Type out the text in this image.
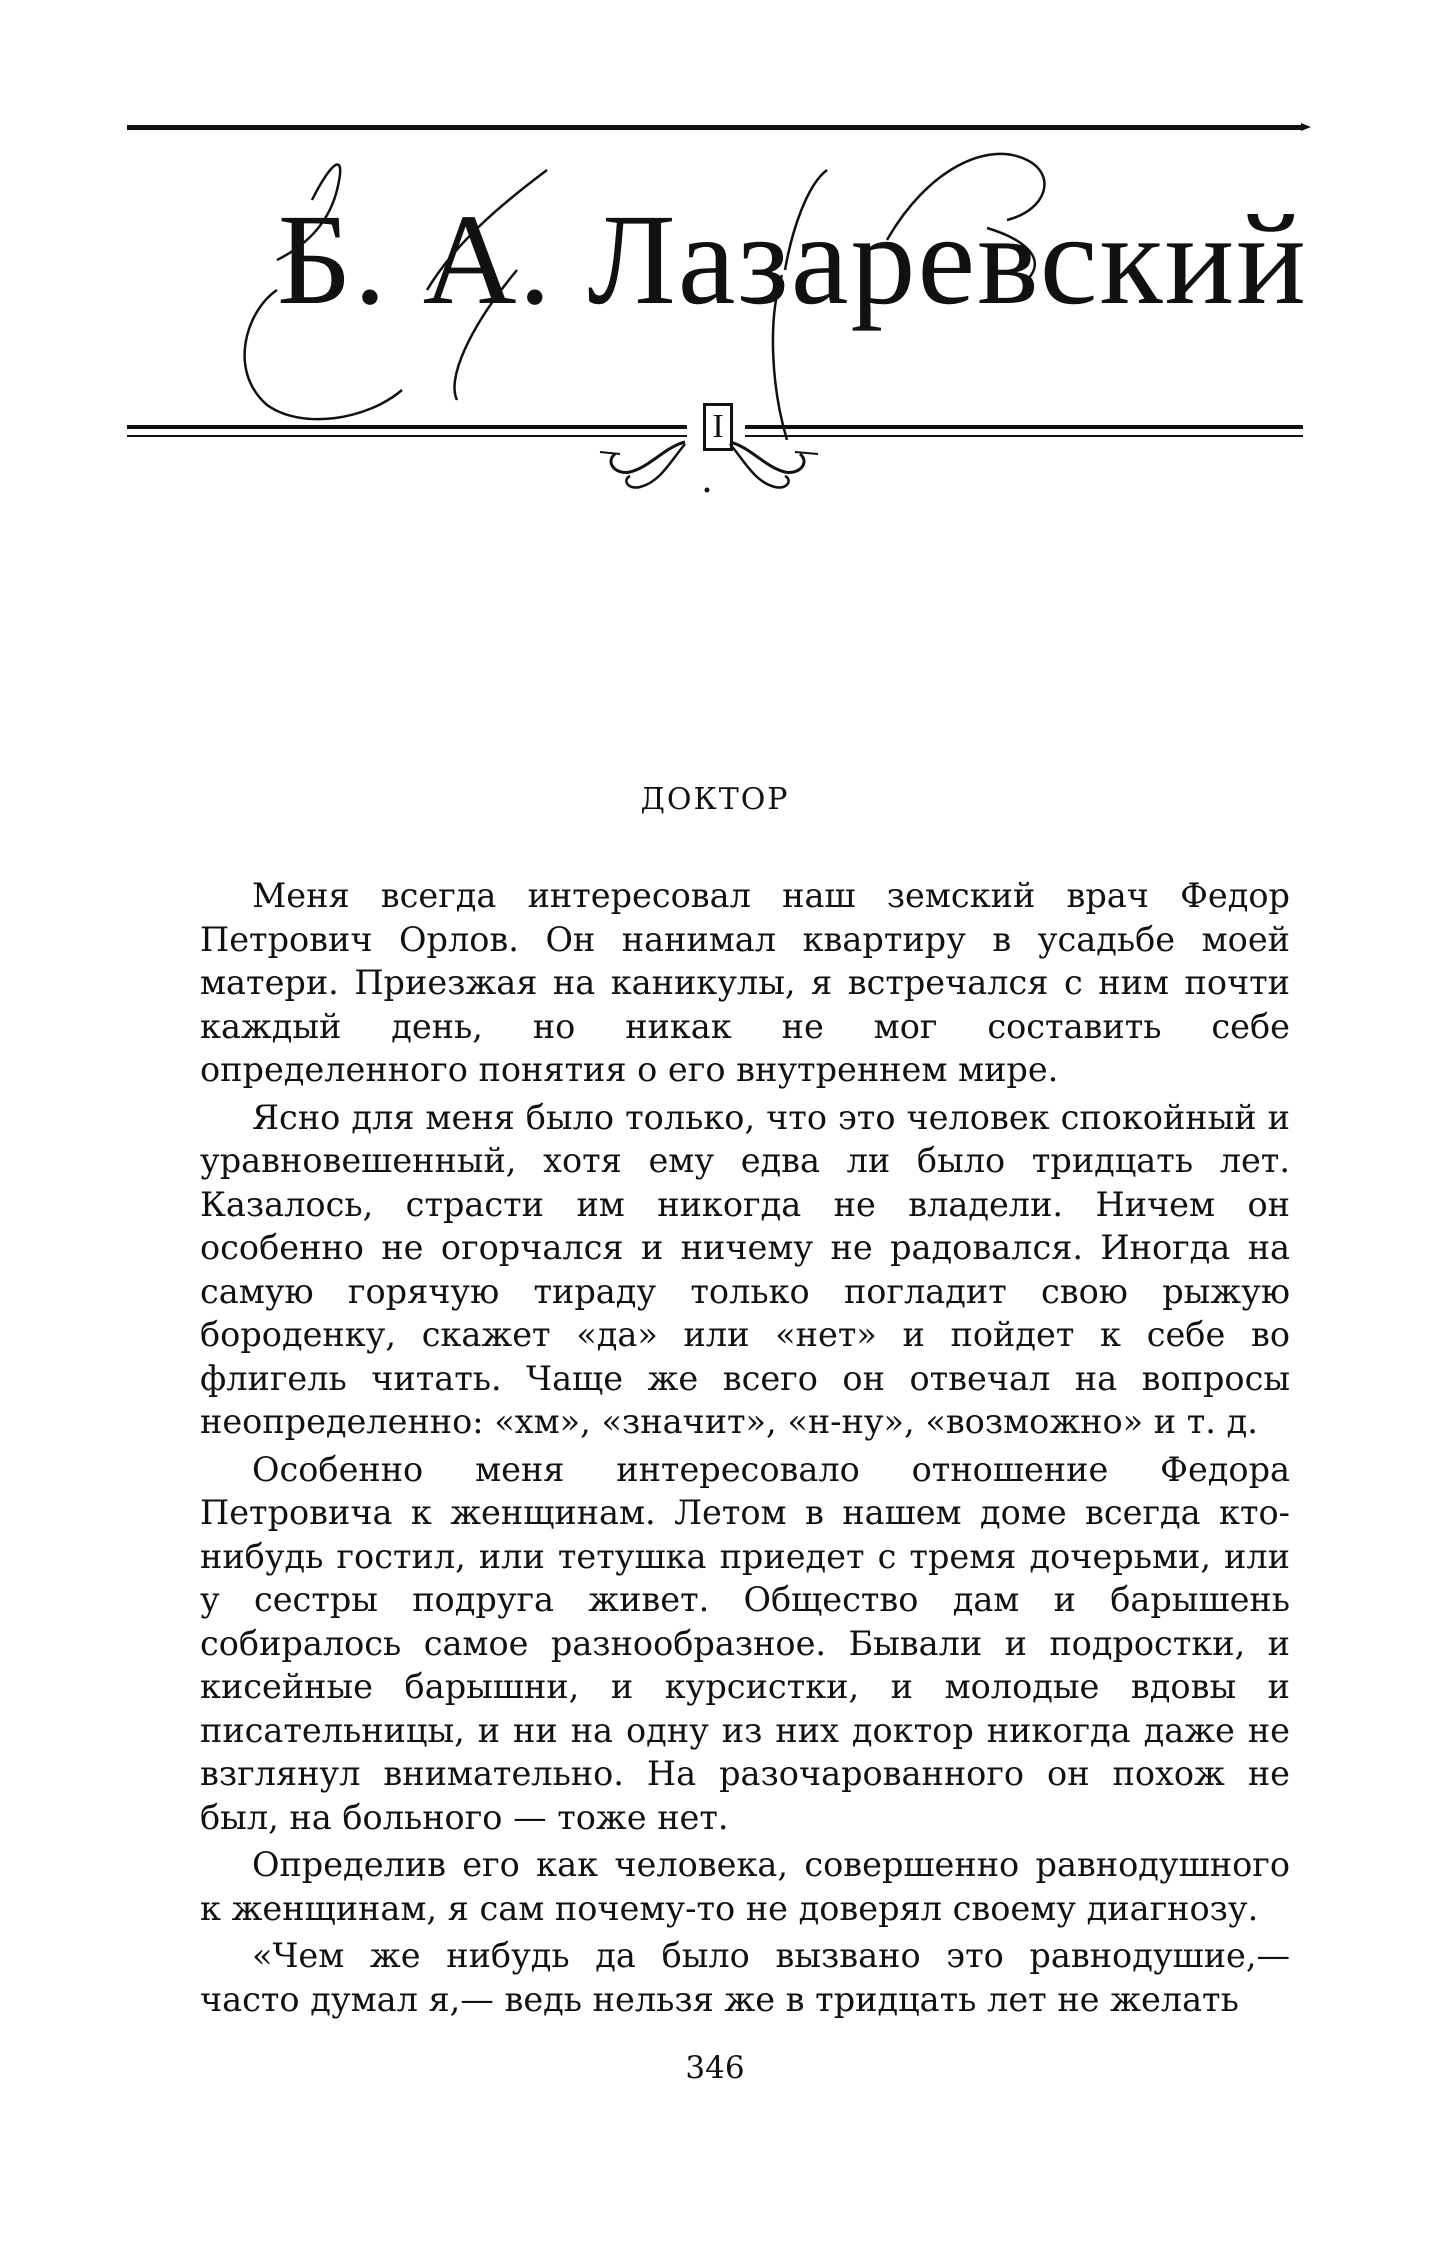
Б. А. Лазаревский
I
ДОКТОР

Меня всегда интересовал наш земский врач Федор Петрович Орлов. Он нанимал квартиру в усадьбе моей матери. Приезжая на каникулы, я встречался с ним почти каждый день, но никак не мог составить себе определенного понятия о его внутреннем мире.

Ясно для меня было только, что это человек спокойный и уравновешенный, хотя ему едва ли было тридцать лет. Казалось, страсти им никогда не владели. Ничем он особенно не огорчался и ничему не радовался. Иногда на самую горячую тираду только погладит свою рыжую бороденку, скажет «да» или «нет» и пойдет к себе во флигель читать. Чаще же всего он отвечал на вопросы неопределенно: «хм», «значит», «н-ну», «возможно» и т. д.

Особенно меня интересовало отношение Федора Петровича к женщинам. Летом в нашем доме всегда кто-нибудь гостил, или тетушка приедет с тремя дочерьми, или у сестры подруга живет. Общество дам и барышень собиралось самое разнообразное. Бывали и подростки, и кисейные барышни, и курсистки, и молодые вдовы и писательницы, и ни на одну из них доктор никогда даже не взглянул внимательно. На разочарованного он похож не был, на больного — тоже нет.

Определив его как человека, совершенно равнодушного к женщинам, я сам почему-то не доверял своему диагнозу.

«Чем же нибудь да было вызвано это равнодушие,— часто думал я,— ведь нельзя же в тридцать лет не желать

346
